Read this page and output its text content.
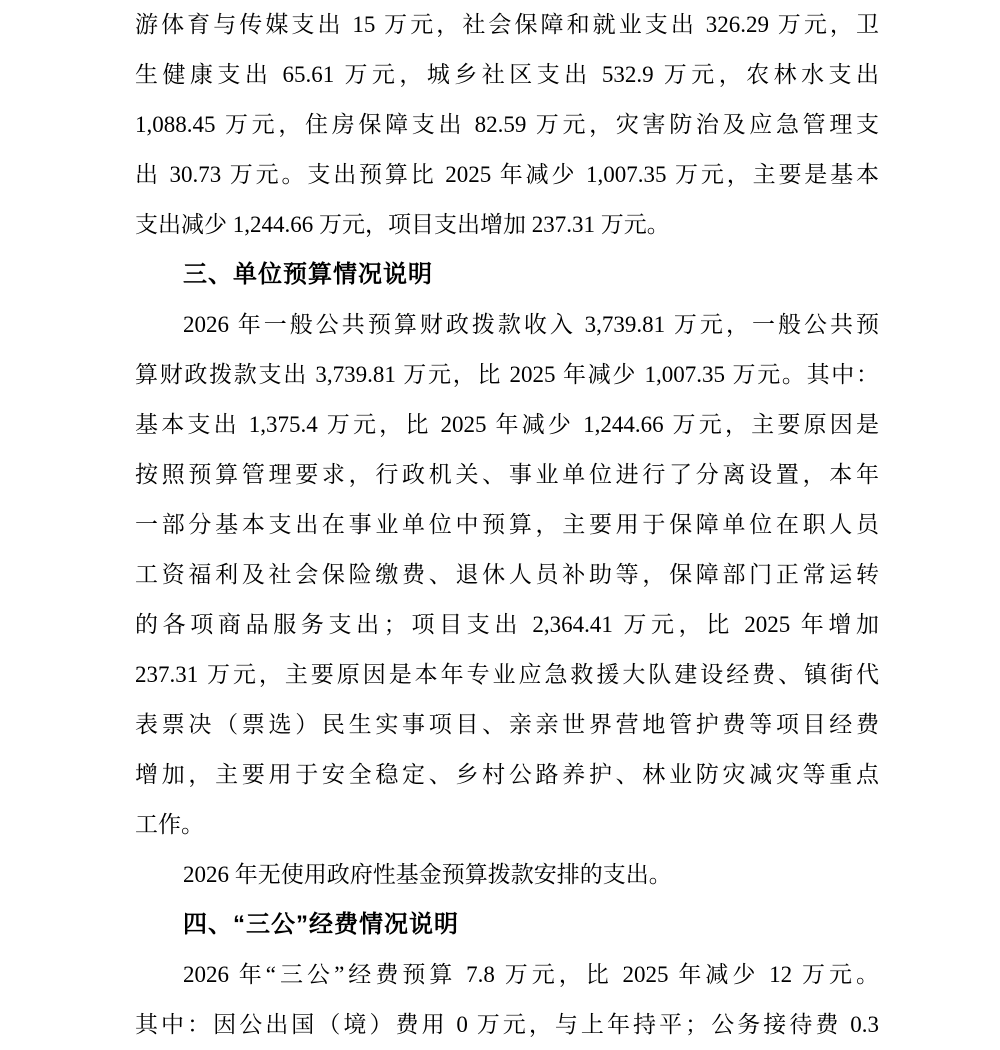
游体育与传媒支出 15 万元，社会保障和就业支出 326.29 万元，卫
生健康支出 65.61 万元，城乡社区支出 532.9 万元，农林水支出
1,088.45 万元，住房保障支出 82.59 万元，灾害防治及应急管理支
出 30.73 万元。支出预算比 2025 年减少 1,007.35 万元，主要是基本
支出减少 1,244.66 万元，项目支出增加 237.31 万元。
三、单位预算情况说明
2026 年一般公共预算财政拨款收入 3,739.81 万元，一般公共预
算财政拨款支出 3,739.81 万元，比 2025 年减少 1,007.35 万元。其中：
基本支出 1,375.4 万元，比 2025 年减少 1,244.66 万元，主要原因是
按照预算管理要求，行政机关、事业单位进行了分离设置，本年
一部分基本支出在事业单位中预算，主要用于保障单位在职人员
工资福利及社会保险缴费、退休人员补助等，保障部门正常运转
的各项商品服务支出；项目支出 2,364.41 万元，比 2025 年增加
237.31 万元，主要原因是本年专业应急救援大队建设经费、镇街代
表票决（票选）民生实事项目、亲亲世界营地管护费等项目经费
增加，主要用于安全稳定、乡村公路养护、林业防灾减灾等重点
工作。
2026 年无使用政府性基金预算拨款安排的支出。
四、“三公”经费情况说明
2026 年“三公”经费预算 7.8 万元，比 2025 年减少 12 万元。
其中：因公出国（境）费用 0 万元，与上年持平；公务接待费 0.3
